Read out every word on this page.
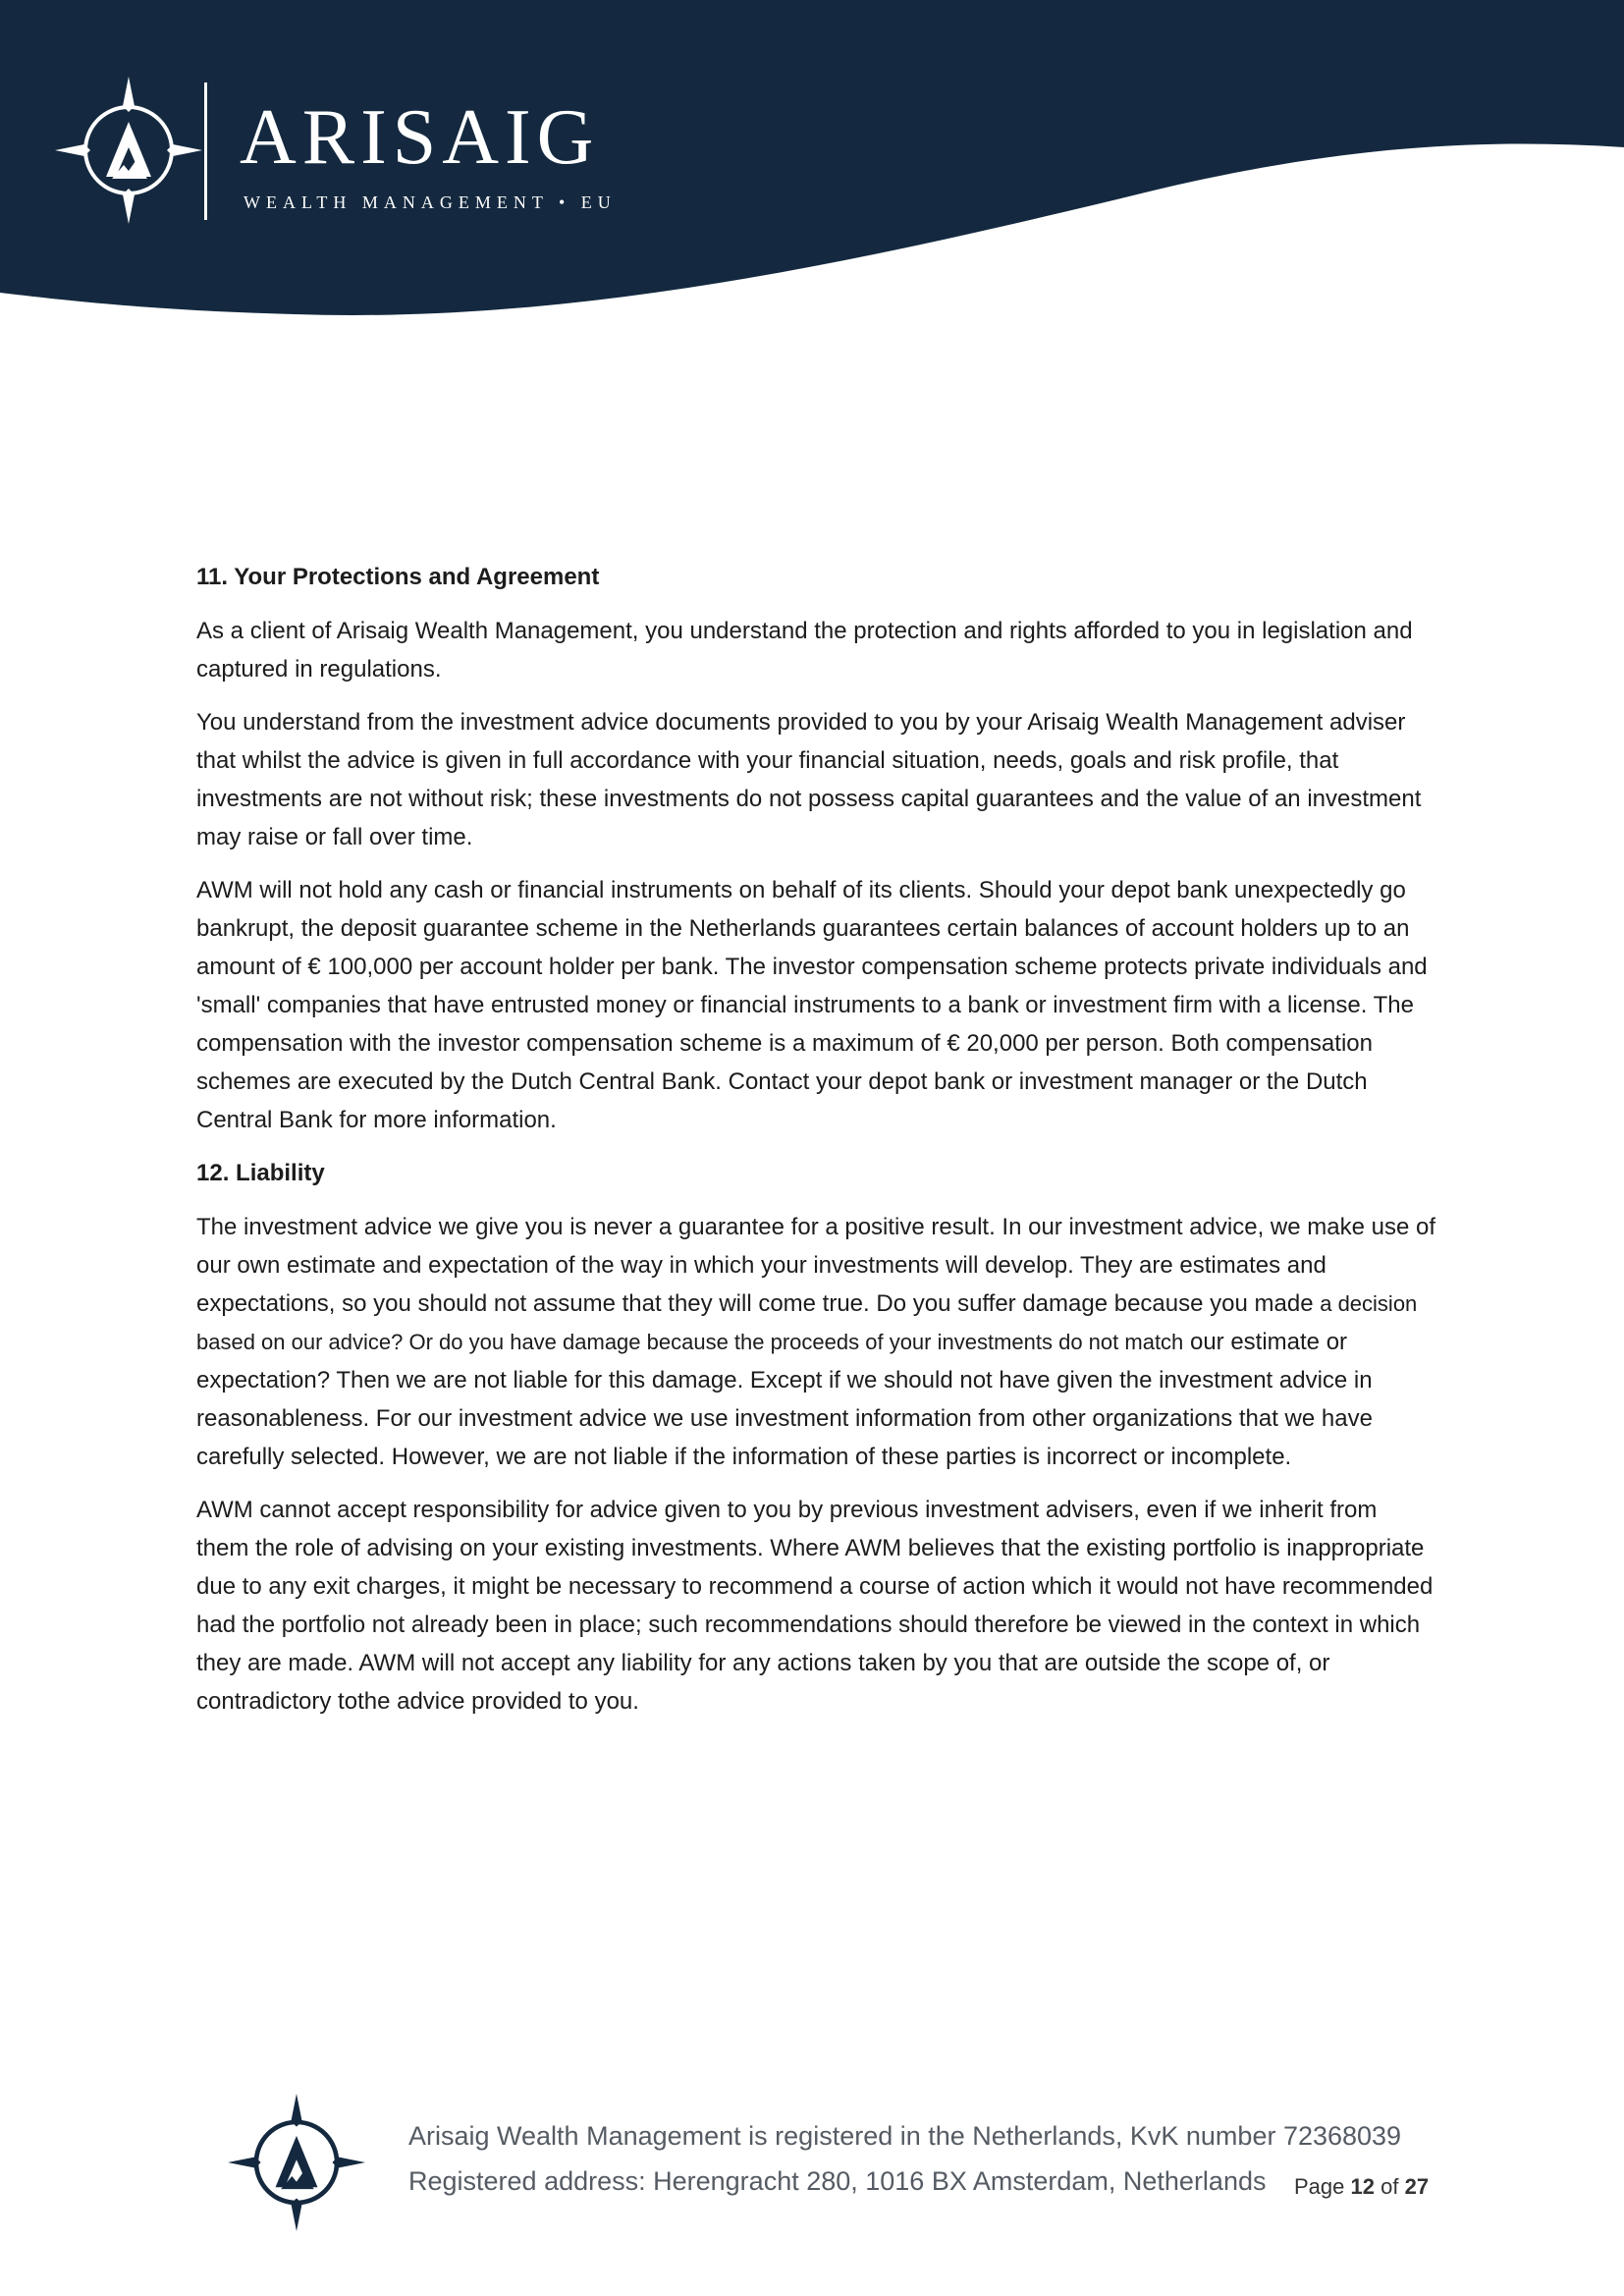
ARISAIG
WEALTH MANAGEMENT • EU
11. Your Protections and Agreement

As a client of Arisaig Wealth Management, you understand the protection and rights afforded to you in legislation and captured in regulations.

You understand from the investment advice documents provided to you by your Arisaig Wealth Management adviser that whilst the advice is given in full accordance with your financial situation, needs, goals and risk profile, that investments are not without risk; these investments do not possess capital guarantees and the value of an investment may raise or fall over time.

AWM will not hold any cash or financial instruments on behalf of its clients. Should your depot bank unexpectedly go bankrupt, the deposit guarantee scheme in the Netherlands guarantees certain balances of account holders up to an amount of € 100,000 per account holder per bank. The investor compensation scheme protects private individuals and 'small' companies that have entrusted money or financial instruments to a bank or investment firm with a license. The compensation with the investor compensation scheme is a maximum of € 20,000 per person. Both compensation schemes are executed by the Dutch Central Bank. Contact your depot bank or investment manager or the Dutch Central Bank for more information.

12. Liability

The investment advice we give you is never a guarantee for a positive result. In our investment advice, we make use of our own estimate and expectation of the way in which your investments will develop. They are estimates and expectations, so you should not assume that they will come true. Do you suffer damage because you made a decision based on our advice? Or do you have damage because the proceeds of your investments do not match our estimate or expectation? Then we are not liable for this damage. Except if we should not have given the investment advice in reasonableness. For our investment advice we use investment information from other organizations that we have carefully selected. However, we are not liable if the information of these parties is incorrect or incomplete.

AWM cannot accept responsibility for advice given to you by previous investment advisers, even if we inherit from them the role of advising on your existing investments. Where AWM believes that the existing portfolio is inappropriate due to any exit charges, it might be necessary to recommend a course of action which it would not have recommended had the portfolio not already been in place; such recommendations should therefore be viewed in the context in which they are made. AWM will not accept any liability for any actions taken by you that are outside the scope of, or contradictory tothe advice provided to you.

Arisaig Wealth Management is registered in the Netherlands, KvK number 72368039
Registered address: Herengracht 280, 1016 BX Amsterdam, Netherlands Page 12 of 27
